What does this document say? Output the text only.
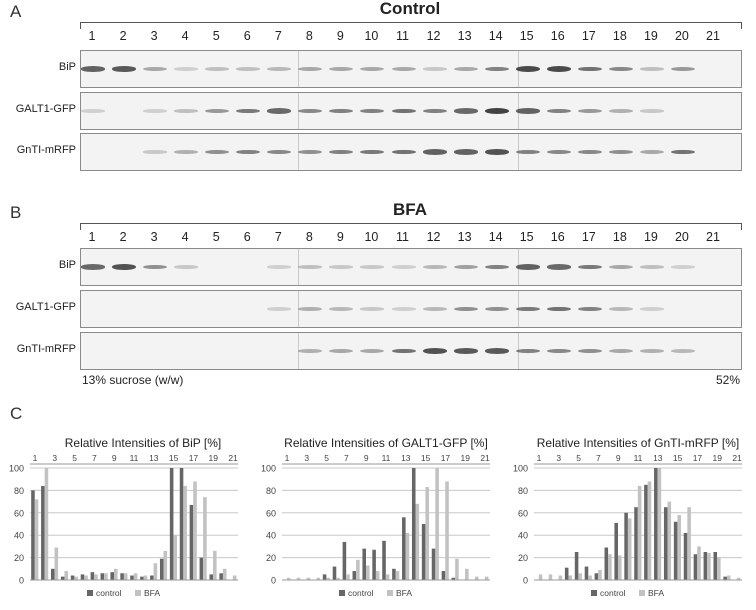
A	Control
1	2	3	4	5	6	7	8	9	10	11	12	13	14	15	16	17	18	19	20	21
BiP
GALT1-GFP
GnTI-mRFP
B	BFA
1	2	3	4	5	6	7	8	9	10	11	12	13	14	15	16	17	18	19	20	21
BiP
GALT1-GFP
GnTI-mRFP
13% sucrose (w/w)	52%
C
Relative Intensities of BiP [%]	Relative Intensities of GALT1-GFP [%]	Relative Intensities of GnTI-mRFP [%]
0
20
40
60
80
100
1 3 5 7 9 11 13 15 17 19 21
control	BFA
0
20
40
60
80
100
1 3 5 7 9 11 13 15 17 19 21
control	BFA
0
20
40
60
80
100
1 3 5 7 9 11 13 15 17 19 21
control	BFA
